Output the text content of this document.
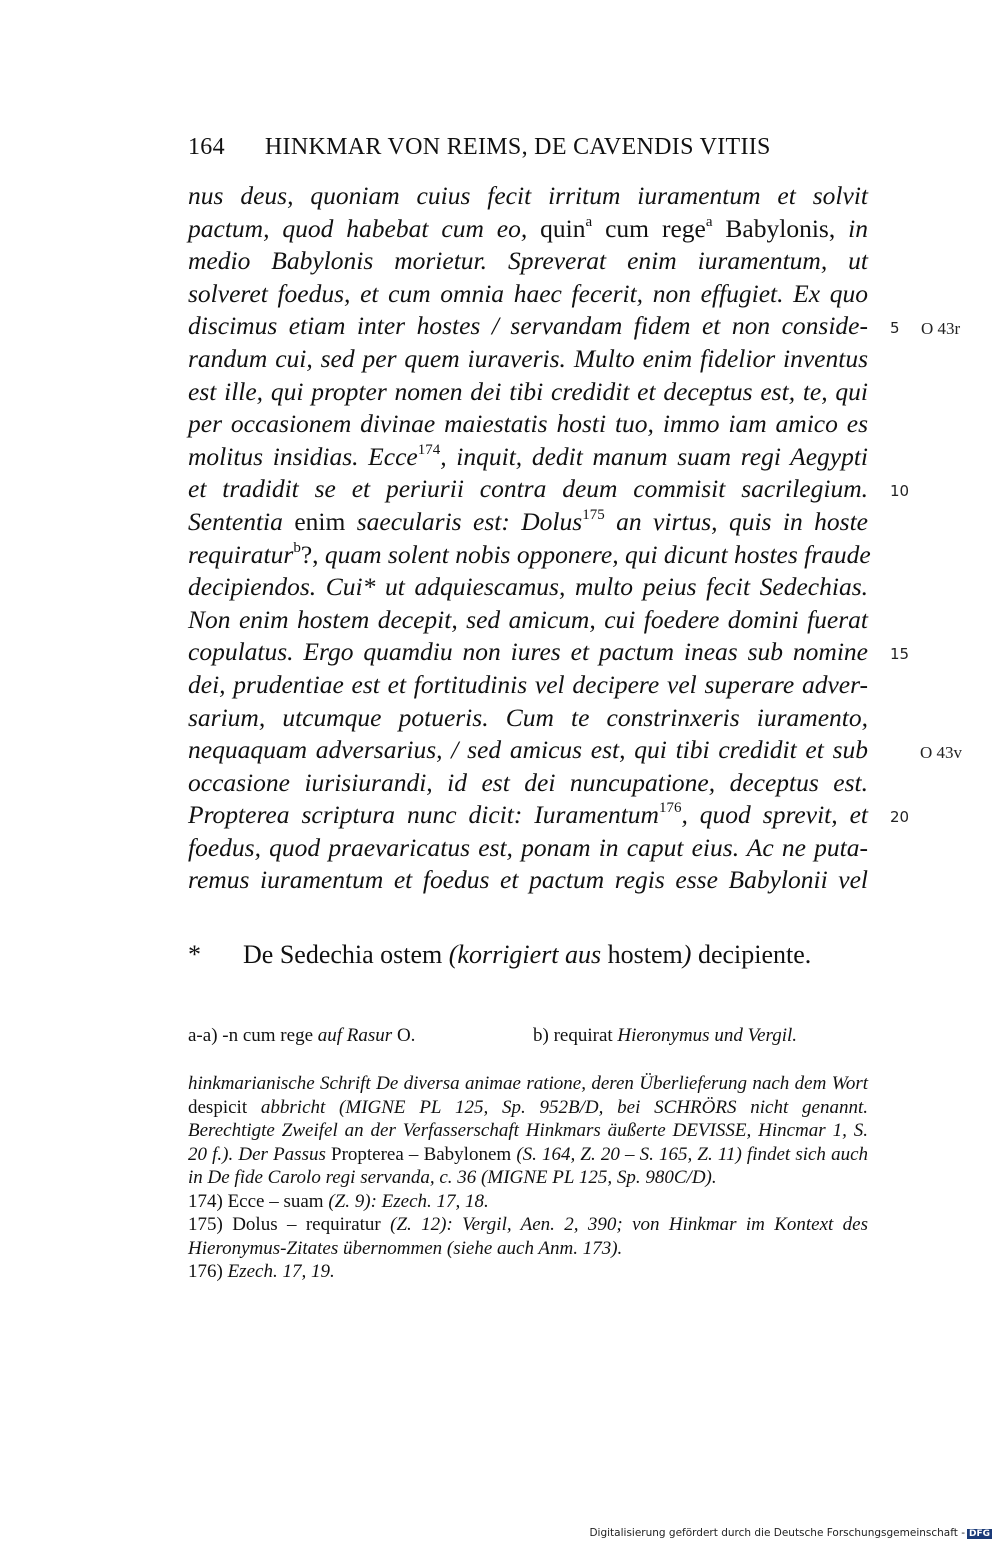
164 HINKMAR VON REIMS, DE CAVENDIS VITIIS
nus deus, quoniam cuius fecit irritum iuramentum et solvit
pactum, quod habebat cum eo, quin$^a$ cum rege$^a$ Babylonis, in
medio Babylonis morietur. Spreverat enim iuramentum, ut
solveret foedus, et cum omnia haec fecerit, non effugiet. Ex quo
discimus etiam inter hostes / servandam fidem et non conside-
randum cui, sed per quem iuraveris. Multo enim fidelior inventus
est ille, qui propter nomen dei tibi credidit et deceptus est, te, qui
per occasionem divinae maiestatis hosti tuo, immo iam amico es
molitus insidias. Ecce$^{174}$, inquit, dedit manum suam regi Aegypti
et tradidit se et periurii contra deum commisit sacrilegium.
Sententia enim saecularis est: Dolus$^{175}$ an virtus, quis in hoste
requiratur$^b$?, quam solent nobis opponere, qui dicunt hostes fraude
decipiendos. Cui* ut adquiescamus, multo peius fecit Sedechias.
Non enim hostem decepit, sed amicum, cui foedere domini fuerat
copulatus. Ergo quamdiu non iures et pactum ineas sub nomine
dei, prudentiae est et fortitudinis vel decipere vel superare adver-
sarium, utcumque potueris. Cum te constrinxeris iuramento,
nequaquam adversarius, / sed amicus est, qui tibi credidit et sub
occasione iurisiurandi, id est dei nuncupatione, deceptus est.
Propterea scriptura nunc dicit: Iuramentum$^{176}$, quod sprevit, et
foedus, quod praevaricatus est, ponam in caput eius. Ac ne puta-
remus iuramentum et foedus et pactum regis esse Babylonii vel
5 O 43r
10
15
O 43v
20
* De Sedechia ostem (korrigiert aus hostem) decipiente.
a-a) -n cum rege auf Rasur O.	b) requirat Hieronymus und Vergil.
hinkmarianische Schrift De diversa animae ratione, deren Überlieferung nach dem Wort despicit abbricht (MIGNE PL 125, Sp. 952B/D, bei SCHRÖRS nicht genannt. Berechtigte Zweifel an der Verfasserschaft Hinkmars äußerte DEVISSE, Hincmar 1, S. 20 f.). Der Passus Propterea – Babylonem (S. 164, Z. 20 – S. 165, Z. 11) findet sich auch in De fide Carolo regi servanda, c. 36 (MIGNE PL 125, Sp. 980C/D).
174) Ecce – suam (Z. 9): Ezech. 17, 18.
175) Dolus – requiratur (Z. 12): Vergil, Aen. 2, 390; von Hinkmar im Kontext des Hieronymus-Zitates übernommen (siehe auch Anm. 173).
176) Ezech. 17, 19.
Digitalisierung gefördert durch die Deutsche Forschungsgemeinschaft - DFG
